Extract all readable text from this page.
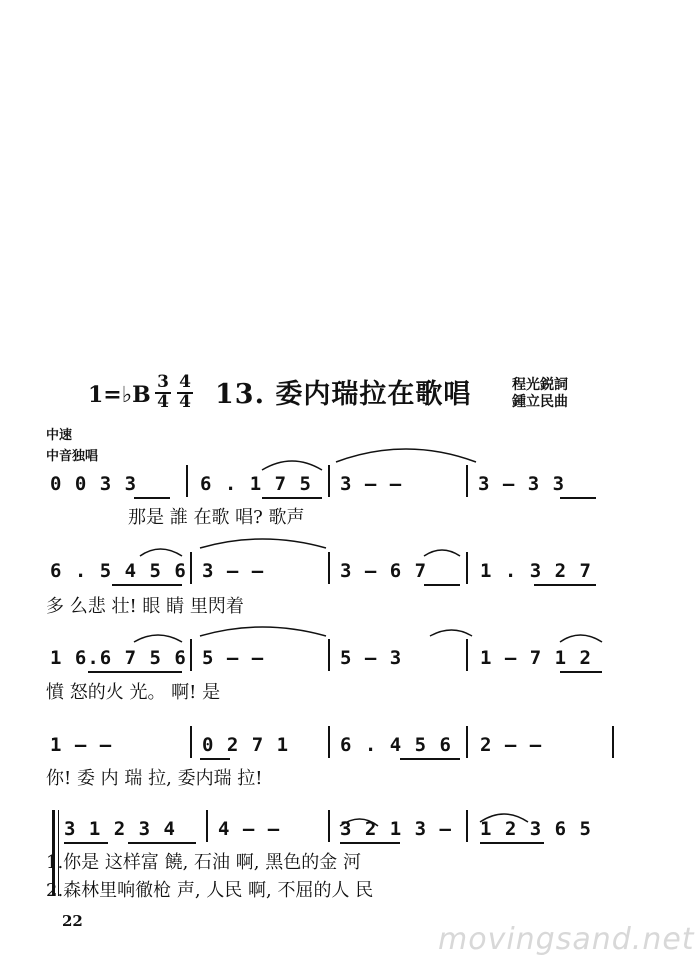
1=♭B 3
4
4
4 13. 委内瑞拉在歌唱	程光鋭詞
鍾立民曲
中速
中音独唱
0 0 3 3	6 . 1 7 5 3 – –	3 – 3 3
那是 誰 在歌 唱? 歌声
6 . 5 4 5 6 3 – –	3 – 6 7	1 . 3 2 7
多 么悲 壮! 眼 睛 里閃着
1 6.6 7 5 6 5 – –	5 – 3	1 – 7 1 2
憤 怒的火 光。 啊! 是
1 – –	0 2 7 1	6 . 4 5 6 2 – –
你! 委 内 瑞 拉, 委内瑞 拉!
3 1 2 3 4 4 – –	3 2 1 3 – 1 2 3 6 5
1.你是 这样富 饒, 石油 啊, 黑色的金 河
2.森林里响徹枪 声, 人民 啊, 不屈的人 民
22
movingsand.net
